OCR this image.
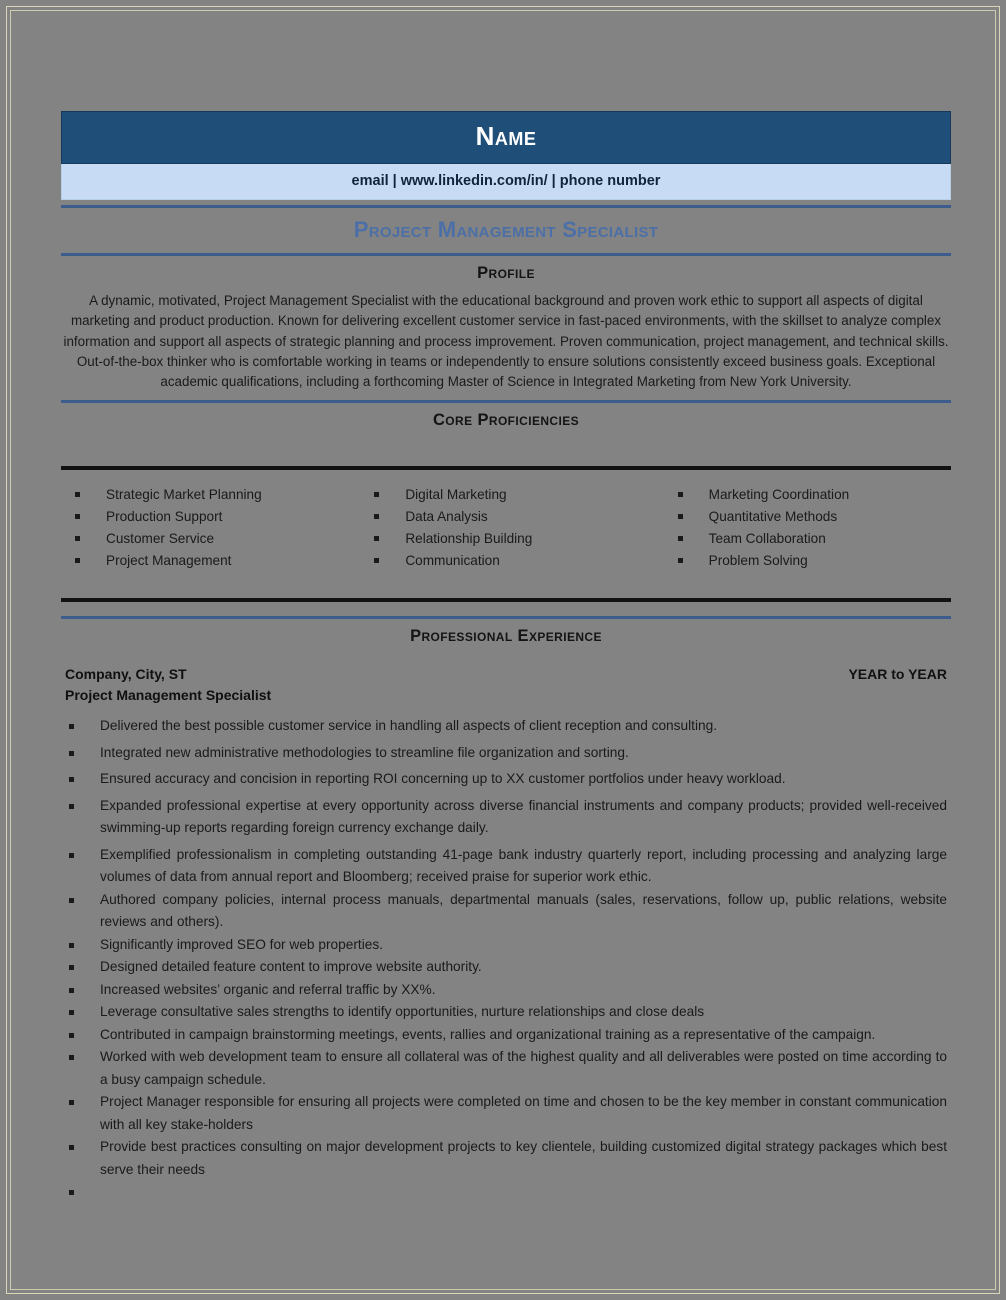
Name
email | www.linkedin.com/in/ | phone number
Project Management Specialist
Profile
A dynamic, motivated, Project Management Specialist with the educational background and proven work ethic to support all aspects of digital marketing and product production. Known for delivering excellent customer service in fast-paced environments, with the skillset to analyze complex information and support all aspects of strategic planning and process improvement. Proven communication, project management, and technical skills. Out-of-the-box thinker who is comfortable working in teams or independently to ensure solutions consistently exceed business goals. Exceptional academic qualifications, including a forthcoming Master of Science in Integrated Marketing from New York University.
Core Proficiencies
Strategic Market Planning
Production Support
Customer Service
Project Management
Digital Marketing
Data Analysis
Relationship Building
Communication
Marketing Coordination
Quantitative Methods
Team Collaboration
Problem Solving
Professional Experience
Company, City, ST	YEAR to YEAR
Project Management Specialist
Delivered the best possible customer service in handling all aspects of client reception and consulting.
Integrated new administrative methodologies to streamline file organization and sorting.
Ensured accuracy and concision in reporting ROI concerning up to XX customer portfolios under heavy workload.
Expanded professional expertise at every opportunity across diverse financial instruments and company products; provided well-received swimming-up reports regarding foreign currency exchange daily.
Exemplified professionalism in completing outstanding 41-page bank industry quarterly report, including processing and analyzing large volumes of data from annual report and Bloomberg; received praise for superior work ethic.
Authored company policies, internal process manuals, departmental manuals (sales, reservations, follow up, public relations, website reviews and others).
Significantly improved SEO for web properties.
Designed detailed feature content to improve website authority.
Increased websites’ organic and referral traffic by XX%.
Leverage consultative sales strengths to identify opportunities, nurture relationships and close deals
Contributed in campaign brainstorming meetings, events, rallies and organizational training as a representative of the campaign.
Worked with web development team to ensure all collateral was of the highest quality and all deliverables were posted on time according to a busy campaign schedule.
Project Manager responsible for ensuring all projects were completed on time and chosen to be the key member in constant communication with all key stake-holders
Provide best practices consulting on major development projects to key clientele, building customized digital strategy packages which best serve their needs
